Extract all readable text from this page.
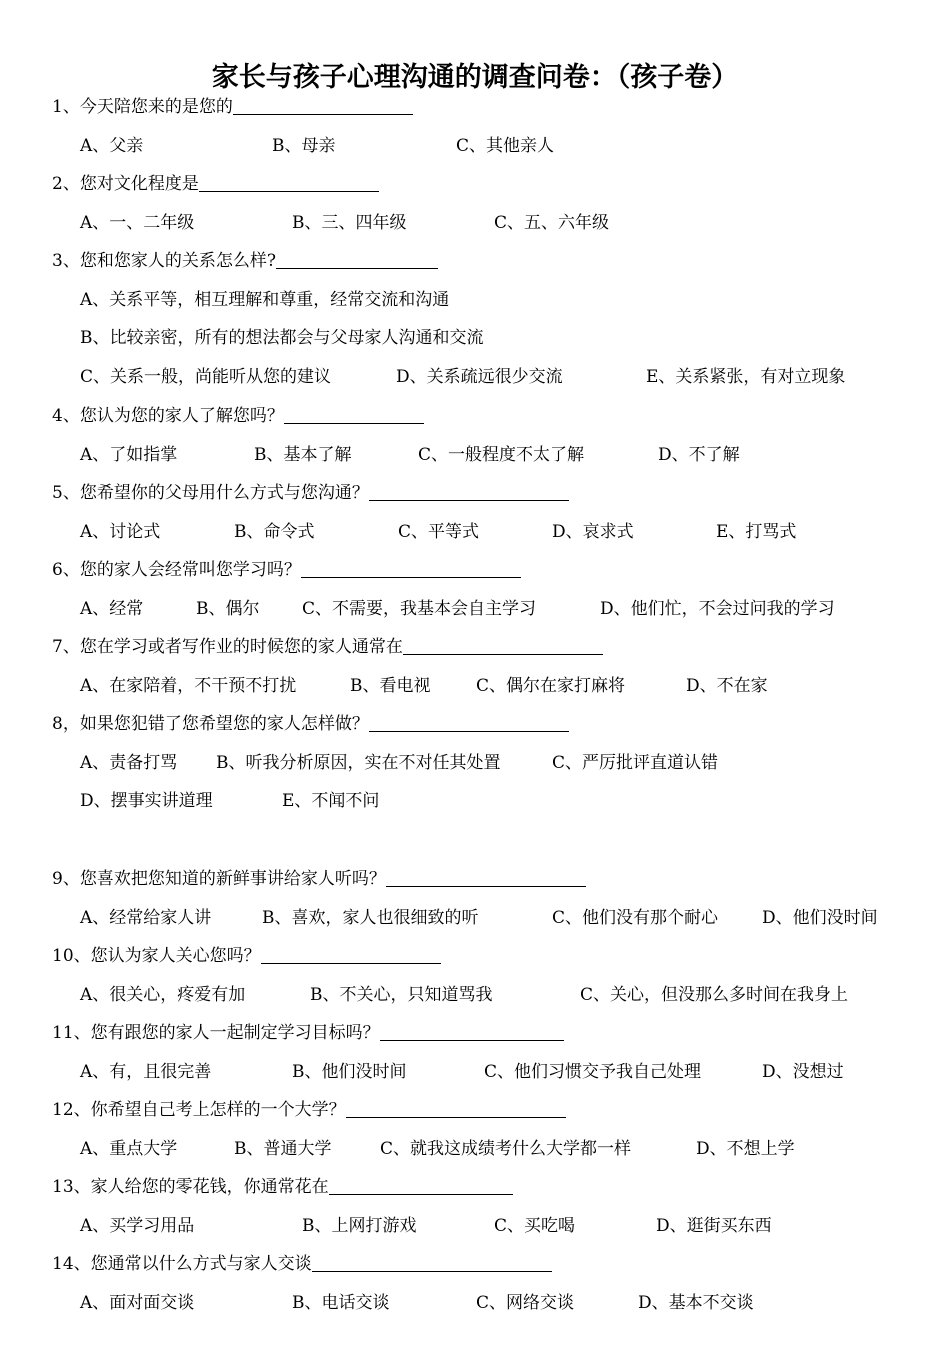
家长与孩子心理沟通的调查问卷：（孩子卷）
1、今天陪您来的是您的
A、父亲	B、母亲	C、其他亲人
2、您对文化程度是
A、一、二年级	B、三、四年级	C、五、六年级
3、您和您家人的关系怎么样?
A、关系平等，相互理解和尊重，经常交流和沟通
B、比较亲密，所有的想法都会与父母家人沟通和交流
C、关系一般，尚能听从您的建议	D、关系疏远很少交流	E、关系紧张，有对立现象
4、您认为您的家人了解您吗？
A、了如指掌	B、基本了解	C、一般程度不太了解	D、不了解
5、您希望你的父母用什么方式与您沟通？
A、讨论式	B、命令式	C、平等式	D、哀求式	E、打骂式
6、您的家人会经常叫您学习吗？
A、经常	B、偶尔	C、不需要，我基本会自主学习	D、他们忙，不会过问我的学习
7、您在学习或者写作业的时候您的家人通常在
A、在家陪着，不干预不打扰	B、看电视	C、偶尔在家打麻将	D、不在家
8，如果您犯错了您希望您的家人怎样做？
A、责备打骂 B、听我分析原因，实在不对任其处置	C、严厉批评直道认错
D、摆事实讲道理	E、不闻不问
9、您喜欢把您知道的新鲜事讲给家人听吗？
A、经常给家人讲	B、喜欢，家人也很细致的听	C、他们没有那个耐心	D、他们没时间
10、您认为家人关心您吗？
A、很关心，疼爱有加	B、不关心，只知道骂我	C、关心，但没那么多时间在我身上
11、您有跟您的家人一起制定学习目标吗？
A、有，且很完善	B、他们没时间	C、他们习惯交予我自己处理	D、没想过
12、你希望自己考上怎样的一个大学？
A、重点大学	B、普通大学	C、就我这成绩考什么大学都一样	D、不想上学
13、家人给您的零花钱，你通常花在
A、买学习用品	B、上网打游戏	C、买吃喝	D、逛街买东西
14、您通常以什么方式与家人交谈
A、面对面交谈	B、电话交谈	C、网络交谈	D、基本不交谈
